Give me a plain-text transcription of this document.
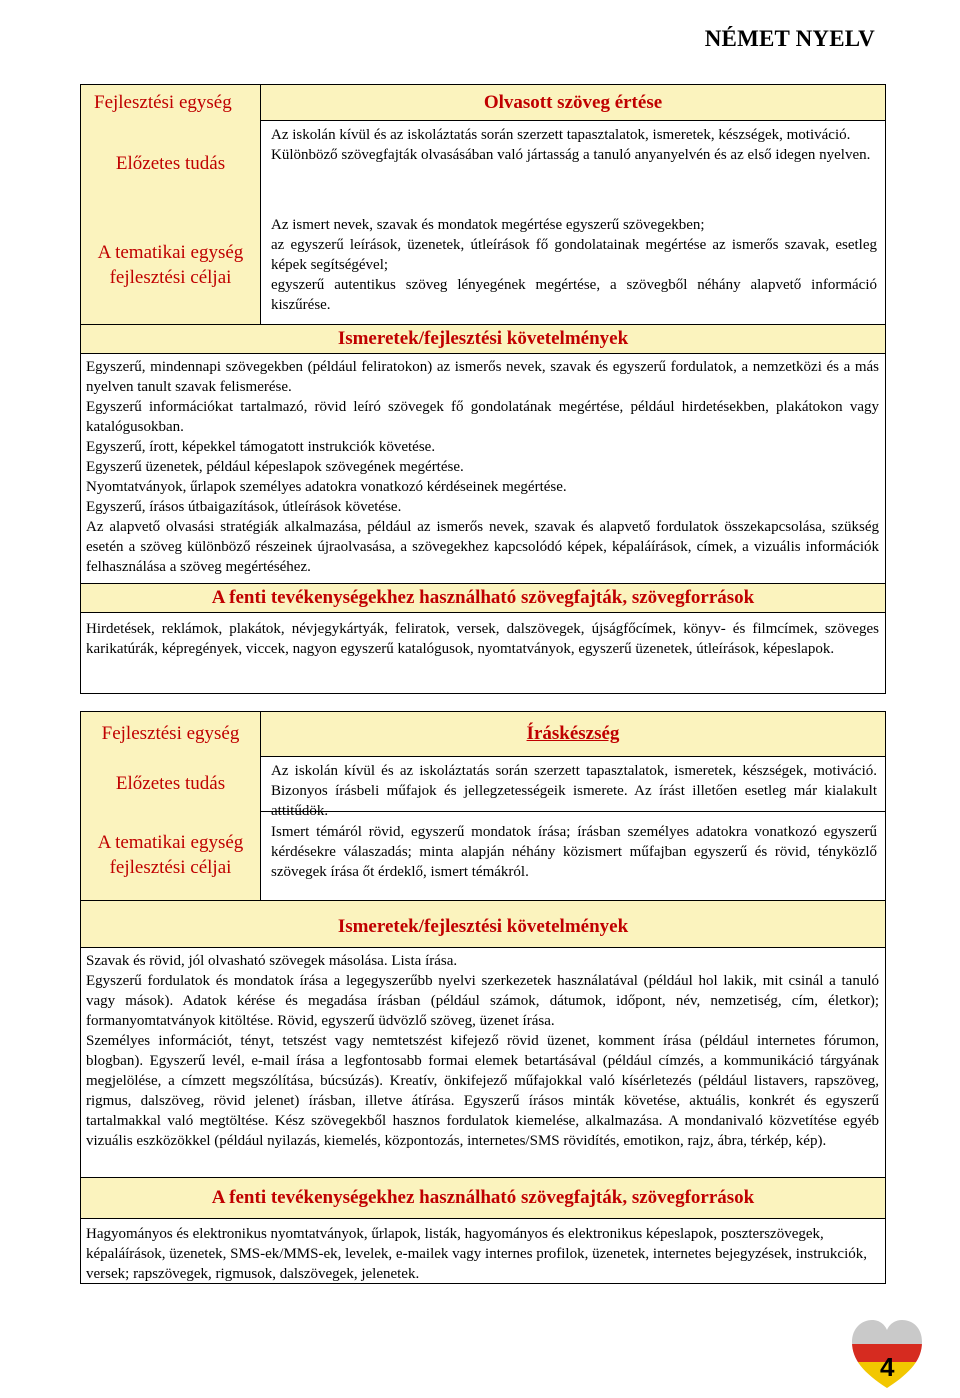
NÉMET NYELV
Fejlesztési egység	Olvasott szöveg értése
Előzetes tudás
Az iskolán kívül és az iskoláztatás során szerzett tapasztalatok, ismeretek, készségek, motiváció.
Különböző szövegfajták olvasásában való jártasság a tanuló anyanyelvén és az első idegen nyelven.
A tematikai egység fejlesztési céljai
Az ismert nevek, szavak és mondatok megértése egyszerű szövegekben;
az egyszerű leírások, üzenetek, útleírások fő gondolatainak megértése az ismerős szavak, esetleg képek segítségével;
egyszerű autentikus szöveg lényegének megértése, a szövegből néhány alapvető információ kiszűrése.
Ismeretek/fejlesztési követelmények

Egyszerű, mindennapi szövegekben (például feliratokon) az ismerős nevek, szavak és egyszerű fordulatok, a nemzetközi és a más nyelven tanult szavak felismerése.

Egyszerű információkat tartalmazó, rövid leíró szövegek fő gondolatának megértése, például hirdetésekben, plakátokon vagy katalógusokban.

Egyszerű, írott, képekkel támogatott instrukciók követése.

Egyszerű üzenetek, például képeslapok szövegének megértése.

Nyomtatványok, űrlapok személyes adatokra vonatkozó kérdéseinek megértése.

Egyszerű, írásos útbaigazítások, útleírások követése.

Az alapvető olvasási stratégiák alkalmazása, például az ismerős nevek, szavak és alapvető fordulatok összekapcsolása, szükség esetén a szöveg különböző részeinek újraolvasása, a szövegekhez kapcsolódó képek, képaláírások, címek, a vizuális információk felhasználása a szöveg megértéséhez.

A fenti tevékenységekhez használható szövegfajták, szövegforrások
Hirdetések, reklámok, plakátok, névjegykártyák, feliratok, versek, dalszövegek, újságfőcímek, könyv- és filmcímek, szöveges karikatúrák, képregények, viccek, nagyon egyszerű katalógusok, nyomtatványok, egyszerű üzenetek, útleírások, képeslapok.
Fejlesztési egység	Íráskészség
Előzetes tudás
Az iskolán kívül és az iskoláztatás során szerzett tapasztalatok, ismeretek, készségek, motiváció. Bizonyos írásbeli műfajok és jellegzetességeik ismerete. Az írást illetően esetleg már kialakult attitűdök.
A tematikai egység fejlesztési céljai
Ismert témáról rövid, egyszerű mondatok írása; írásban személyes adatokra vonatkozó egyszerű kérdésekre válaszadás; minta alapján néhány közismert műfajban egyszerű és rövid, tényközlő szövegek írása őt érdeklő, ismert témákról.
Ismeretek/fejlesztési követelmények

Szavak és rövid, jól olvasható szövegek másolása. Lista írása.

Egyszerű fordulatok és mondatok írása a legegyszerűbb nyelvi szerkezetek használatával (például hol lakik, mit csinál a tanuló vagy mások). Adatok kérése és megadása írásban (például számok, dátumok, időpont, név, nemzetiség, cím, életkor); formanyomtatványok kitöltése. Rövid, egyszerű üdvözlő szöveg, üzenet írása.

Személyes információt, tényt, tetszést vagy nemtetszést kifejező rövid üzenet, komment írása (például internetes fórumon, blogban). Egyszerű levél, e-mail írása a legfontosabb formai elemek betartásával (például címzés, a kommunikáció tárgyának megjelölése, a címzett megszólítása, búcsúzás). Kreatív, önkifejező műfajokkal való kísérletezés (például listavers, rapszöveg, rigmus, dalszöveg, rövid jelenet) írásban, illetve átírása. Egyszerű írásos minták követése, aktuális, konkrét és egyszerű tartalmakkal való megtöltése. Kész szövegekből hasznos fordulatok kiemelése, alkalmazása. A mondanivaló közvetítése egyéb vizuális eszközökkel (például nyilazás, kiemelés, központozás, internetes/SMS rövidítés, emotikon, rajz, ábra, térkép, kép).

A fenti tevékenységekhez használható szövegfajták, szövegforrások
Hagyományos és elektronikus nyomtatványok, űrlapok, listák, hagyományos és elektronikus képeslapok, poszterszövegek, képaláírások, üzenetek, SMS-ek/MMS-ek, levelek, e-mailek vagy internes profilok, üzenetek, internetes bejegyzések, instrukciók, versek; rapszövegek, rigmusok, dalszövegek, jelenetek.
4
